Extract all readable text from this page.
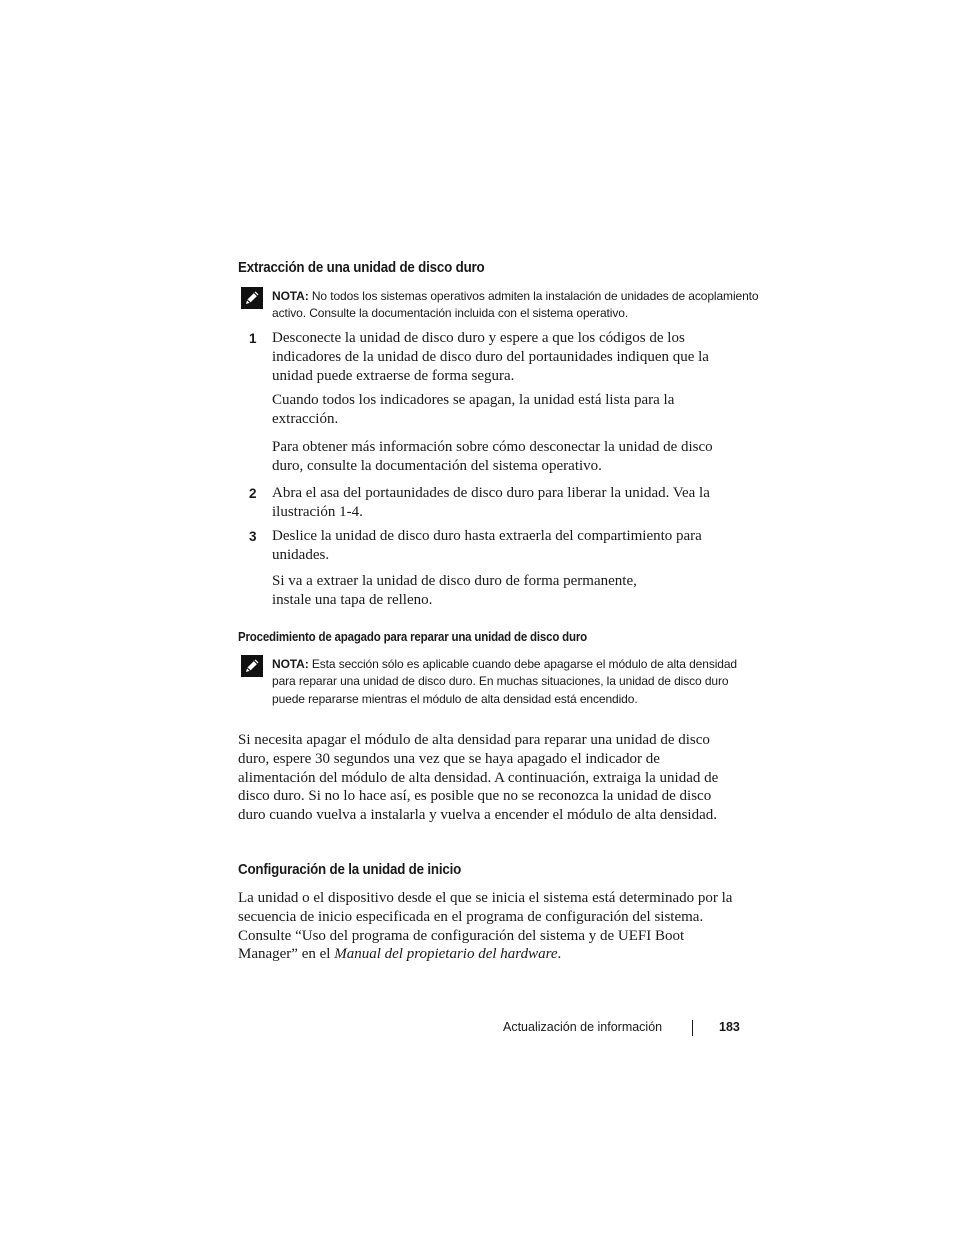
Extracción de una unidad de disco duro
NOTA: No todos los sistemas operativos admiten la instalación de unidades de acoplamiento activo. Consulte la documentación incluida con el sistema operativo.
1 Desconecte la unidad de disco duro y espere a que los códigos de los indicadores de la unidad de disco duro del portaunidades indiquen que la unidad puede extraerse de forma segura.
Cuando todos los indicadores se apagan, la unidad está lista para la extracción.
Para obtener más información sobre cómo desconectar la unidad de disco duro, consulte la documentación del sistema operativo.
2 Abra el asa del portaunidades de disco duro para liberar la unidad. Vea la ilustración 1-4.
3 Deslice la unidad de disco duro hasta extraerla del compartimiento para unidades.
Si va a extraer la unidad de disco duro de forma permanente, instale una tapa de relleno.
Procedimiento de apagado para reparar una unidad de disco duro
NOTA: Esta sección sólo es aplicable cuando debe apagarse el módulo de alta densidad para reparar una unidad de disco duro. En muchas situaciones, la unidad de disco duro puede repararse mientras el módulo de alta densidad está encendido.
Si necesita apagar el módulo de alta densidad para reparar una unidad de disco duro, espere 30 segundos una vez que se haya apagado el indicador de alimentación del módulo de alta densidad. A continuación, extraiga la unidad de disco duro. Si no lo hace así, es posible que no se reconozca la unidad de disco duro cuando vuelva a instalarla y vuelva a encender el módulo de alta densidad.
Configuración de la unidad de inicio
La unidad o el dispositivo desde el que se inicia el sistema está determinado por la secuencia de inicio especificada en el programa de configuración del sistema. Consulte “Uso del programa de configuración del sistema y de UEFI Boot Manager” en el Manual del propietario del hardware.
Actualización de información	183
